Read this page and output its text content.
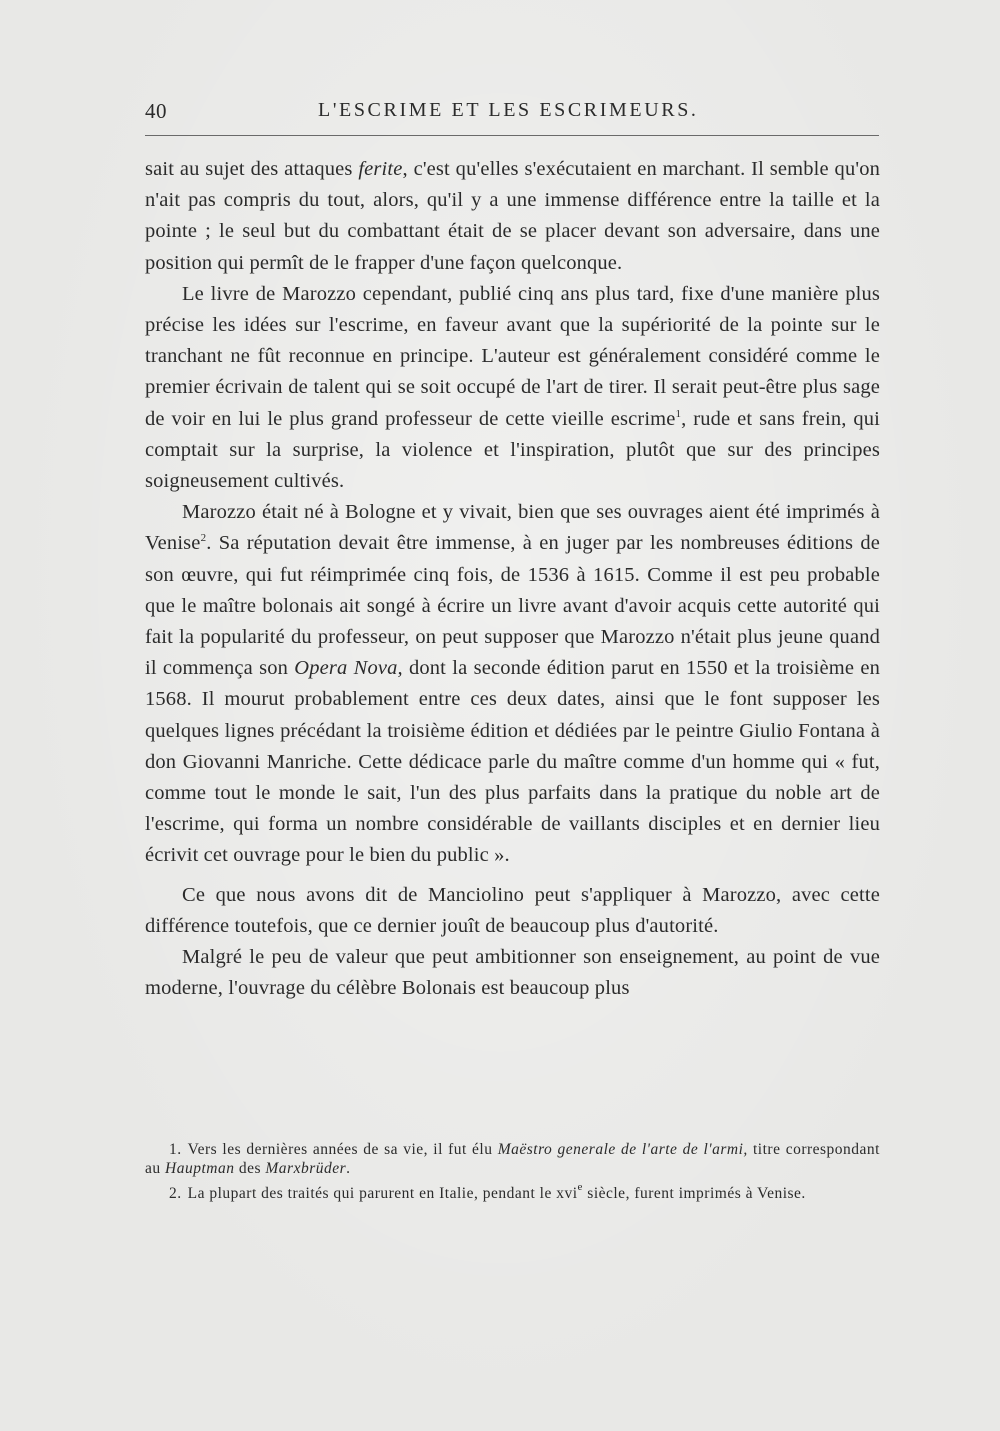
40	L'ESCRIME ET LES ESCRIMEURS.

sait au sujet des attaques ferite, c'est qu'elles s'exécutaient en marchant. Il semble qu'on n'ait pas compris du tout, alors, qu'il y a une immense différence entre la taille et la pointe ; le seul but du combattant était de se placer devant son adversaire, dans une position qui permît de le frapper d'une façon quelconque.

Le livre de Marozzo cependant, publié cinq ans plus tard, fixe d'une manière plus précise les idées sur l'escrime, en faveur avant que la supériorité de la pointe sur le tranchant ne fût reconnue en principe. L'auteur est généralement considéré comme le premier écrivain de talent qui se soit occupé de l'art de tirer. Il serait peut-être plus sage de voir en lui le plus grand professeur de cette vieille escrime$^1$, rude et sans frein, qui comptait sur la surprise, la violence et l'inspiration, plutôt que sur des principes soigneusement cultivés.

Marozzo était né à Bologne et y vivait, bien que ses ouvrages aient été imprimés à Venise$^2$. Sa réputation devait être immense, à en juger par les nombreuses éditions de son œuvre, qui fut réimprimée cinq fois, de 1536 à 1615. Comme il est peu probable que le maître bolonais ait songé à écrire un livre avant d'avoir acquis cette autorité qui fait la popularité du professeur, on peut supposer que Marozzo n'était plus jeune quand il commença son Opera Nova, dont la seconde édition parut en 1550 et la troisième en 1568. Il mourut probablement entre ces deux dates, ainsi que le font supposer les quelques lignes précédant la troisième édition et dédiées par le peintre Giulio Fontana à don Giovanni Manriche. Cette dédicace parle du maître comme d'un homme qui « fut, comme tout le monde le sait, l'un des plus parfaits dans la pratique du noble art de l'escrime, qui forma un nombre considérable de vaillants disciples et en dernier lieu écrivit cet ouvrage pour le bien du public ».

Ce que nous avons dit de Manciolino peut s'appliquer à Marozzo, avec cette différence toutefois, que ce dernier jouît de beaucoup plus d'autorité.

Malgré le peu de valeur que peut ambitionner son enseignement, au point de vue moderne, l'ouvrage du célèbre Bolonais est beaucoup plus

1. Vers les dernières années de sa vie, il fut élu Maëstro generale de l'arte de l'armi, titre correspondant au Hauptman des Marxbrüder.

2. La plupart des traités qui parurent en Italie, pendant le xvi$^e$ siècle, furent imprimés à Venise.
